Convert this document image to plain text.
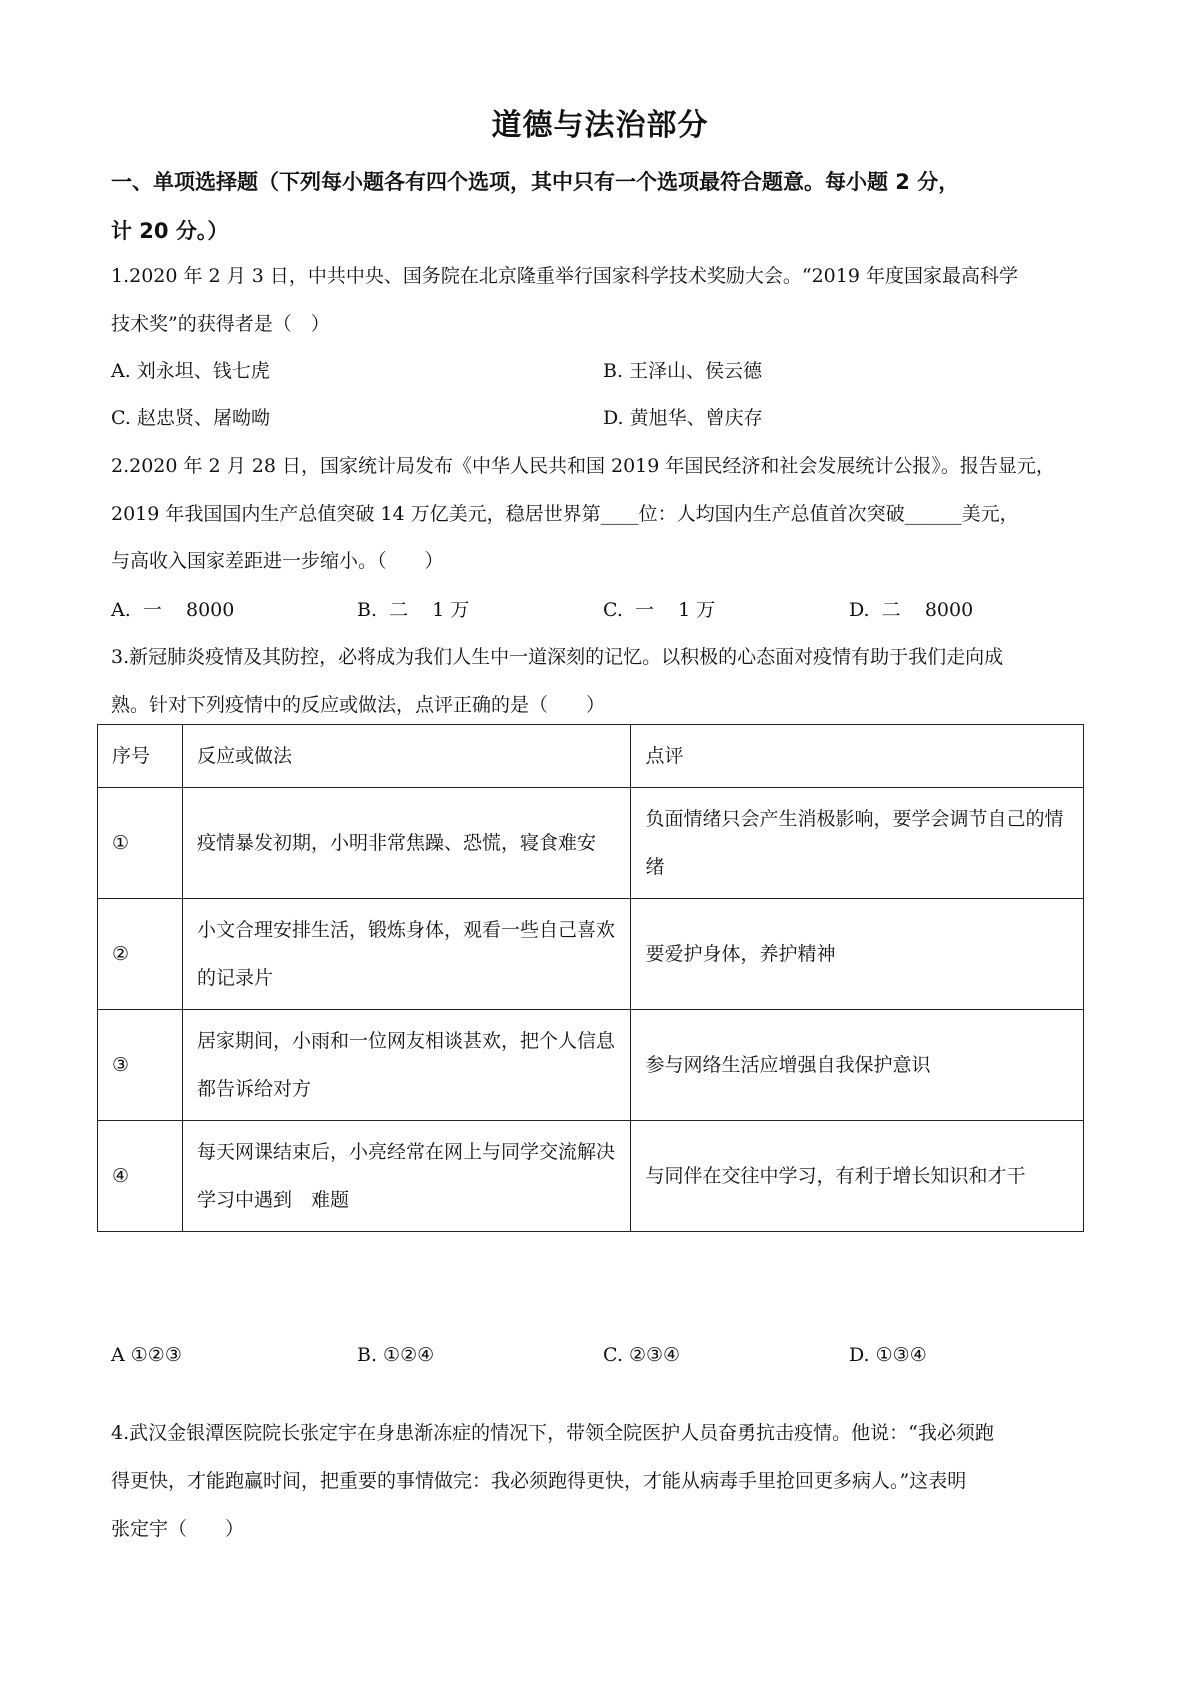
道德与法治部分
一、单项选择题（下列每小题各有四个选项，其中只有一个选项最符合题意。每小题 2 分，
计 20 分。）
1.2020 年 2 月 3 日，中共中央、国务院在北京隆重举行国家科学技术奖励大会。“2019 年度国家最高科学
技术奖”的获得者是（　）
A. 刘永坦、钱七虎	B. 王泽山、侯云德
C. 赵忠贤、屠呦呦	D. 黄旭华、曾庆存
2.2020 年 2 月 28 日，国家统计局发布《中华人民共和国 2019 年国民经济和社会发展统计公报》。报告显元，
2019 年我国国内生产总值突破 14 万亿美元，稳居世界第____位：人均国内生产总值首次突破______美元，
与高收入国家差距进一步缩小。（　　）
A.  一    8000	B.  二    1 万	C.  一    1 万	D.  二    8000
3.新冠肺炎疫情及其防控，必将成为我们人生中一道深刻的记忆。以积极的心态面对疫情有助于我们走向成
熟。针对下列疫情中的反应或做法，点评正确的是（　　）
序号	反应或做法	点评
①	疫情暴发初期，小明非常焦躁、恐慌，寝食难安	负面情绪只会产生消极影响，要学会调节自己的情绪
②	小文合理安排生活，锻炼身体，观看一些自己喜欢的记录片	要爱护身体，养护精神
③	居家期间，小雨和一位网友相谈甚欢，把个人信息都告诉给对方	参与网络生活应增强自我保护意识
④	每天网课结束后，小亮经常在网上与同学交流解决学习中遇到　难题	与同伴在交往中学习，有利于增长知识和才干
A ①②③	B. ①②④	C. ②③④	D. ①③④
4.武汉金银潭医院院长张定宇在身患渐冻症的情况下，带领全院医护人员奋勇抗击疫情。他说：“我必须跑
得更快，才能跑赢时间，把重要的事情做完：我必须跑得更快，才能从病毒手里抢回更多病人。”这表明
张定宇（　　）
